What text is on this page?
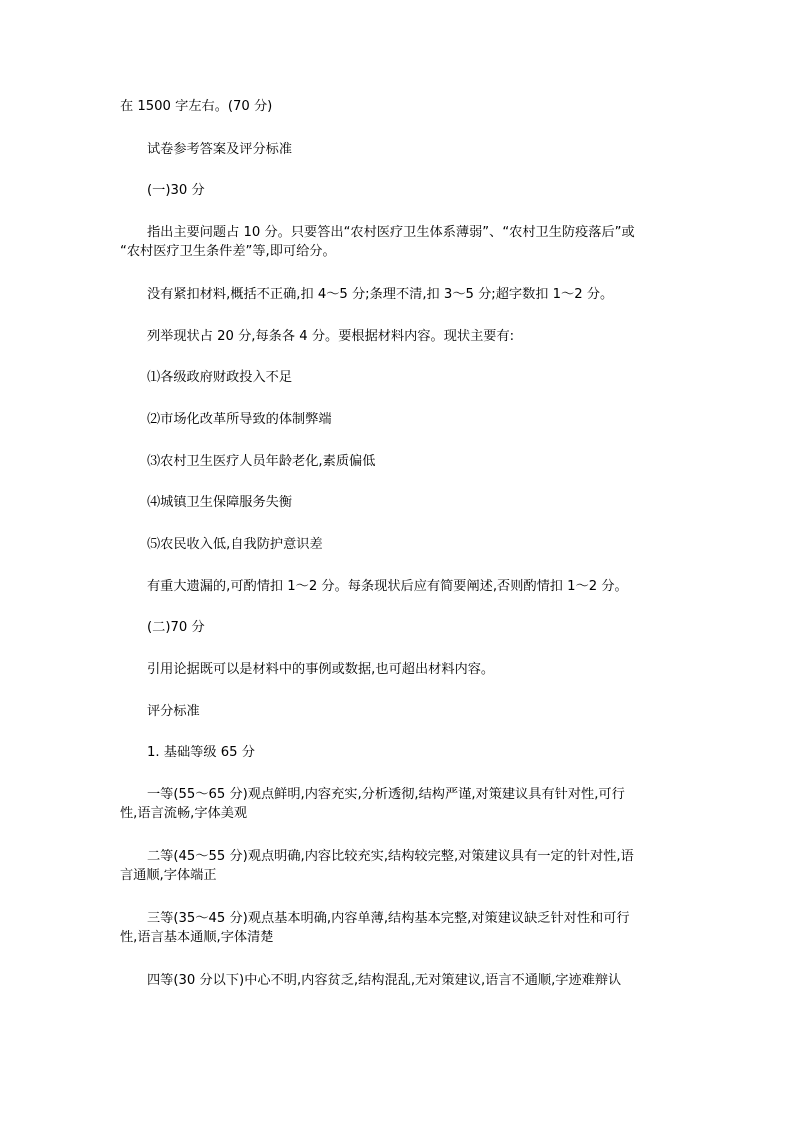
在 1500 字左右。(70 分)
试卷参考答案及评分标准
(一)30 分
指出主要问题占 10 分。只要答出“农村医疗卫生体系薄弱”、“农村卫生防疫落后”或
“农村医疗卫生条件差”等,即可给分。
没有紧扣材料,概括不正确,扣 4～5 分;条理不清,扣 3～5 分;超字数扣 1～2 分。
列举现状占 20 分,每条各 4 分。要根据材料内容。现状主要有:
⑴各级政府财政投入不足
⑵市场化改革所导致的体制弊端
⑶农村卫生医疗人员年龄老化,素质偏低
⑷城镇卫生保障服务失衡
⑸农民收入低,自我防护意识差
有重大遗漏的,可酌情扣 1～2 分。每条现状后应有简要阐述,否则酌情扣 1～2 分。
(二)70 分
引用论据既可以是材料中的事例或数据,也可超出材料内容。
评分标准
1. 基础等级 65 分
一等(55～65 分)观点鲜明,内容充实,分析透彻,结构严谨,对策建议具有针对性,可行
性,语言流畅,字体美观
二等(45～55 分)观点明确,内容比较充实,结构较完整,对策建议具有一定的针对性,语
言通顺,字体端正
三等(35～45 分)观点基本明确,内容单薄,结构基本完整,对策建议缺乏针对性和可行
性,语言基本通顺,字体清楚
四等(30 分以下)中心不明,内容贫乏,结构混乱,无对策建议,语言不通顺,字迹难辩认
